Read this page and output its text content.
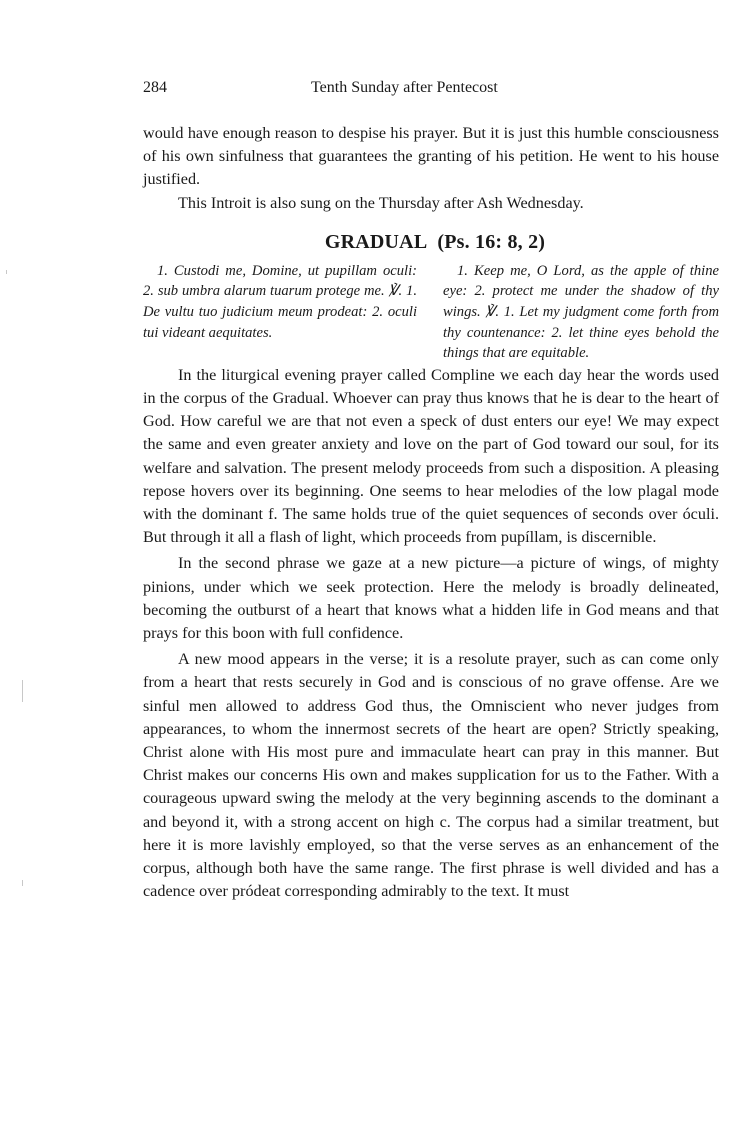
284	Tenth Sunday after Pentecost

would have enough reason to despise his prayer. But it is just this humble consciousness of his own sinfulness that guarantees the granting of his petition. He went to his house justified.

This Introit is also sung on the Thursday after Ash Wednesday.

GRADUAL (Ps. 16: 8, 2)

1. Custodi me, Domine, ut pupillam oculi: 2. sub umbra alarum tuarum protege me. ℣. 1. De vultu tuo judicium meum prodeat: 2. oculi tui videant aequitates.

1. Keep me, O Lord, as the apple of thine eye: 2. protect me under the shadow of thy wings. ℣. 1. Let my judgment come forth from thy countenance: 2. let thine eyes behold the things that are equitable.

In the liturgical evening prayer called Compline we each day hear the words used in the corpus of the Gradual. Whoever can pray thus knows that he is dear to the heart of God. How careful we are that not even a speck of dust enters our eye! We may expect the same and even greater anxiety and love on the part of God toward our soul, for its welfare and salvation. The present melody proceeds from such a disposition. A pleasing repose hovers over its beginning. One seems to hear melodies of the low plagal mode with the dominant f. The same holds true of the quiet sequences of seconds over óculi. But through it all a flash of light, which proceeds from pupíllam, is discernible.

In the second phrase we gaze at a new picture—a picture of wings, of mighty pinions, under which we seek protection. Here the melody is broadly delineated, becoming the outburst of a heart that knows what a hidden life in God means and that prays for this boon with full confidence.

A new mood appears in the verse; it is a resolute prayer, such as can come only from a heart that rests securely in God and is conscious of no grave offense. Are we sinful men allowed to address God thus, the Omniscient who never judges from appearances, to whom the innermost secrets of the heart are open? Strictly speaking, Christ alone with His most pure and immaculate heart can pray in this manner. But Christ makes our concerns His own and makes supplication for us to the Father. With a courageous upward swing the melody at the very beginning ascends to the dominant a and beyond it, with a strong accent on high c. The corpus had a similar treatment, but here it is more lavishly employed, so that the verse serves as an enhancement of the corpus, although both have the same range. The first phrase is well divided and has a cadence over pródeat corresponding admirably to the text. It must
